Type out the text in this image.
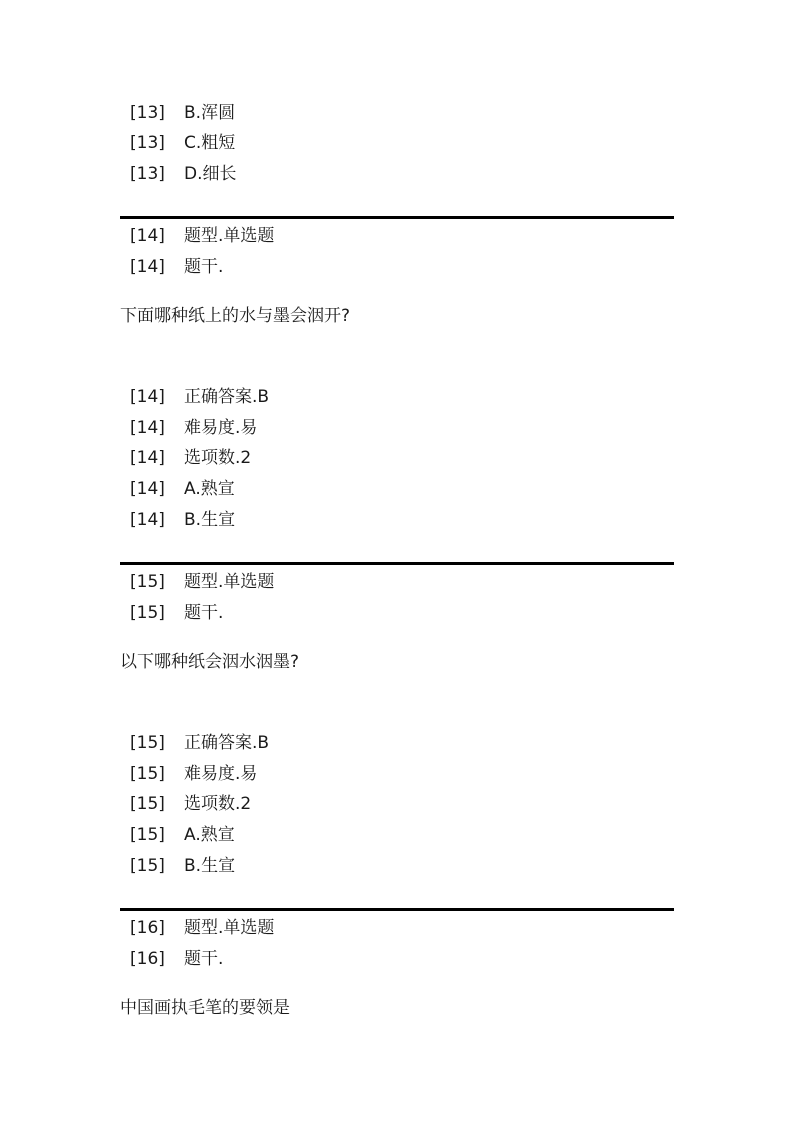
[13] B.浑圆
[13] C.粗短
[13] D.细长
[14] 题型.单选题
[14] 题干.
下面哪种纸上的水与墨会洇开?
[14] 正确答案.B
[14] 难易度.易
[14] 选项数.2
[14] A.熟宣
[14] B.生宣
[15] 题型.单选题
[15] 题干.
以下哪种纸会洇水洇墨?
[15] 正确答案.B
[15] 难易度.易
[15] 选项数.2
[15] A.熟宣
[15] B.生宣
[16] 题型.单选题
[16] 题干.
中国画执毛笔的要领是
